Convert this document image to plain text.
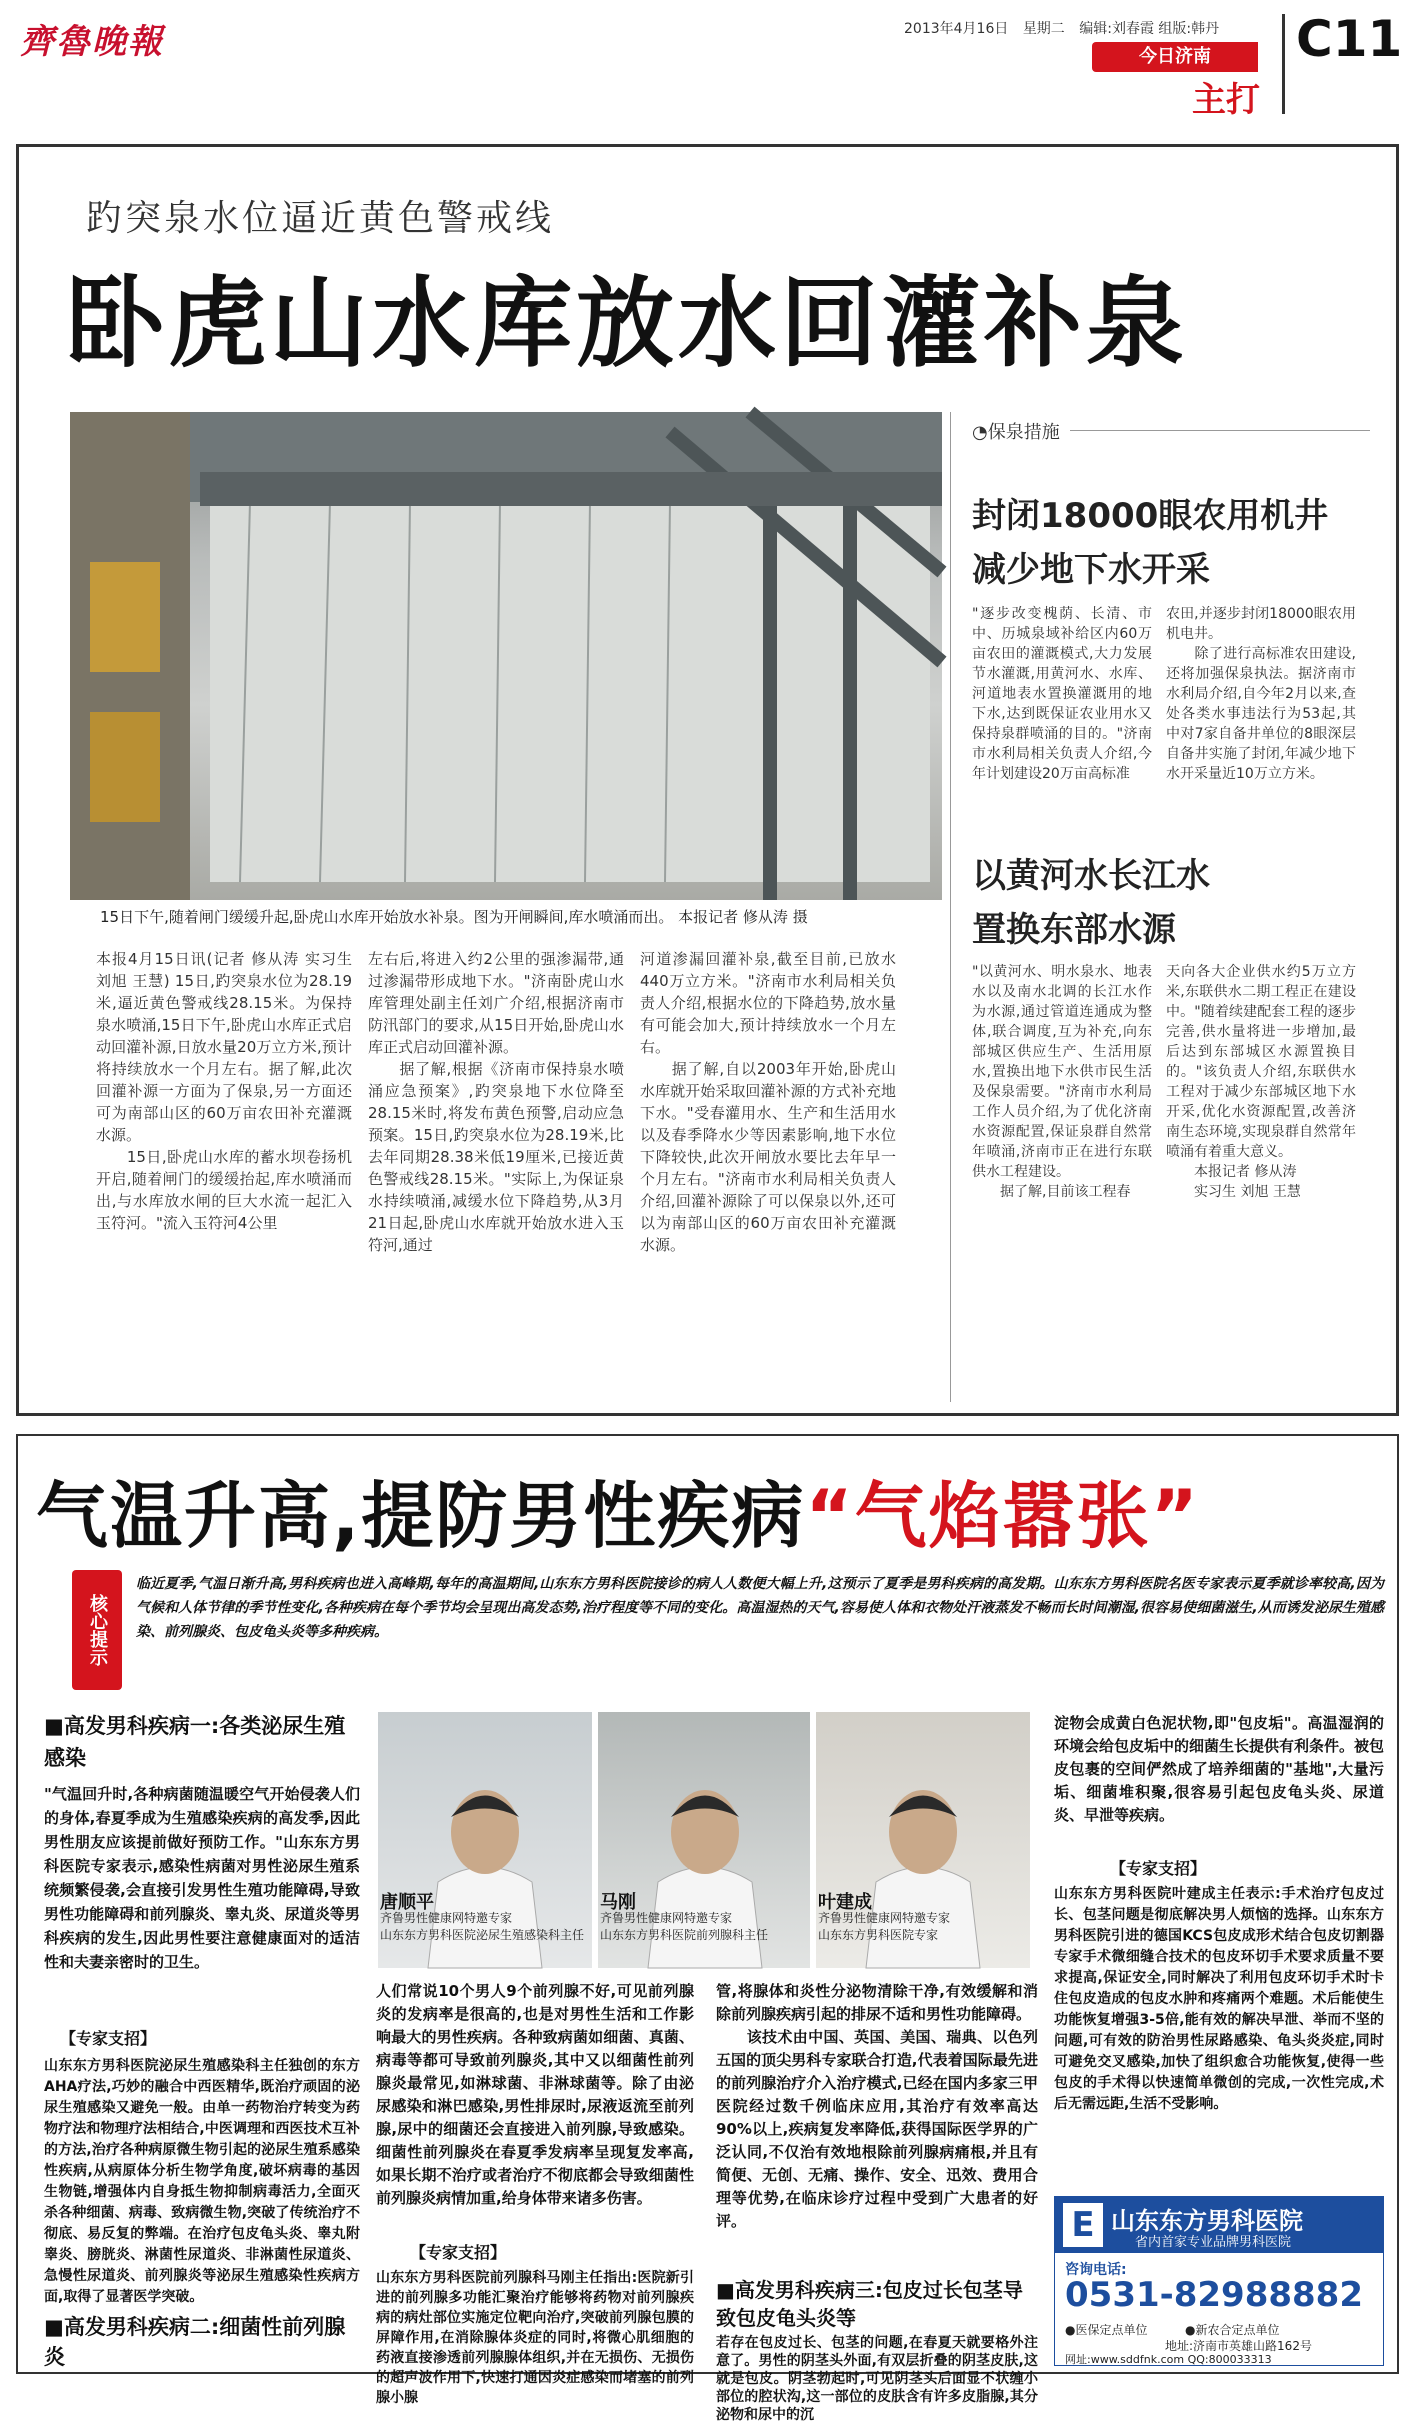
齊魯晚報	2013年4月16日 星期二 编辑:刘春霞 组版:韩丹
今日济南
主打
C11
趵突泉水位逼近黄色警戒线
卧虎山水库放水回灌补泉
15日下午,随着闸门缓缓升起,卧虎山水库开始放水补泉。图为开闸瞬间,库水喷涌而出。 本报记者 修从涛 摄
本报4月15日讯(记者 修从涛 实习生 刘旭 王慧) 15日,趵突泉水位为28.19米,逼近黄色警戒线28.15米。为保持泉水喷涌,15日下午,卧虎山水库正式启动回灌补源,日放水量20万立方米,预计将持续放水一个月左右。据了解,此次回灌补源一方面为了保泉,另一方面还可为南部山区的60万亩农田补充灌溉水源。
　　15日,卧虎山水库的蓄水坝卷扬机开启,随着闸门的缓缓抬起,库水喷涌而出,与水库放水闸的巨大水流一起汇入玉符河。"流入玉符河4公里
左右后,将进入约2公里的强渗漏带,通过渗漏带形成地下水。"济南卧虎山水库管理处副主任刘广介绍,根据济南市防汛部门的要求,从15日开始,卧虎山水库正式启动回灌补源。
　　据了解,根据《济南市保持泉水喷涌应急预案》,趵突泉地下水位降至28.15米时,将发布黄色预警,启动应急预案。15日,趵突泉水位为28.19米,比去年同期28.38米低19厘米,已接近黄色警戒线28.15米。"实际上,为保证泉水持续喷涌,减缓水位下降趋势,从3月21日起,卧虎山水库就开始放水进入玉符河,通过
河道渗漏回灌补泉,截至目前,已放水440万立方米。"济南市水利局相关负责人介绍,根据水位的下降趋势,放水量有可能会加大,预计持续放水一个月左右。
　　据了解,自以2003年开始,卧虎山水库就开始采取回灌补源的方式补充地下水。"受春灌用水、生产和生活用水以及春季降水少等因素影响,地下水位下降较快,此次开闸放水要比去年早一个月左右。"济南市水利局相关负责人介绍,回灌补源除了可以保泉以外,还可以为南部山区的60万亩农田补充灌溉水源。
◔保泉措施
封闭18000眼农用机井
减少地下水开采
"逐步改变槐荫、长清、市中、历城泉域补给区内60万亩农田的灌溉模式,大力发展节水灌溉,用黄河水、水库、河道地表水置换灌溉用的地下水,达到既保证农业用水又保持泉群喷涌的目的。"济南市水利局相关负责人介绍,今年计划建设20万亩高标准
农田,并逐步封闭18000眼农用机电井。
　　除了进行高标准农田建设,还将加强保泉执法。据济南市水利局介绍,自今年2月以来,查处各类水事违法行为53起,其中对7家自备井单位的8眼深层自备井实施了封闭,年减少地下水开采量近10万立方米。
以黄河水长江水
置换东部水源
"以黄河水、明水泉水、地表水以及南水北调的长江水作为水源,通过管道连通成为整体,联合调度,互为补充,向东部城区供应生产、生活用原水,置换出地下水供市民生活及保泉需要。"济南市水利局工作人员介绍,为了优化济南水资源配置,保证泉群自然常年喷涌,济南市正在进行东联供水工程建设。
　　据了解,目前该工程春
天向各大企业供水约5万立方米,东联供水二期工程正在建设中。"随着续建配套工程的逐步完善,供水量将进一步增加,最后达到东部城区水源置换目的。"该负责人介绍,东联供水工程对于减少东部城区地下水开采,优化水资源配置,改善济南生态环境,实现泉群自然常年喷涌有着重大意义。
　　本报记者 修从涛
　　实习生 刘旭 王慧
气温升高,提防男性疾病“气焰嚣张”
核心提示
临近夏季,气温日渐升高,男科疾病也进入高峰期,每年的高温期间,山东东方男科医院接诊的病人人数便大幅上升,这预示了夏季是男科疾病的高发期。山东东方男科医院名医专家表示夏季就诊率较高,因为气候和人体节律的季节性变化,各种疾病在每个季节均会呈现出高发态势,治疗程度等不同的变化。高温湿热的天气,容易使人体和衣物处汗液蒸发不畅而长时间潮湿,很容易使细菌滋生,从而诱发泌尿生殖感染、前列腺炎、包皮龟头炎等多种疾病。
■高发男科疾病一:各类泌尿生殖感染
"气温回升时,各种病菌随温暖空气开始侵袭人们的身体,春夏季成为生殖感染疾病的高发季,因此男性朋友应该提前做好预防工作。"山东东方男科医院专家表示,感染性病菌对男性泌尿生殖系统频繁侵袭,会直接引发男性生殖功能障碍,导致男性功能障碍和前列腺炎、睾丸炎、尿道炎等男科疾病的发生,因此男性要注意健康面对的适洁性和夫妻亲密时的卫生。
【专家支招】
山东东方男科医院泌尿生殖感染科主任独创的东方AHA疗法,巧妙的融合中西医精华,既治疗顽固的泌尿生殖感染又避免一般。由单一药物治疗转变为药物疗法和物理疗法相结合,中医调理和西医技术互补的方法,治疗各种病原微生物引起的泌尿生殖系感染性疾病,从病原体分析生物学角度,破坏病毒的基因生物链,增强体内自身抵生物抑制病毒活力,全面灭杀各种细菌、病毒、致病微生物,突破了传统治疗不彻底、易反复的弊端。在治疗包皮龟头炎、睾丸附睾炎、膀胱炎、淋菌性尿道炎、非淋菌性尿道炎、急慢性尿道炎、前列腺炎等泌尿生殖感染性疾病方面,取得了显著医学突破。
■高发男科疾病二:细菌性前列腺炎
唐顺平
齐鲁男性健康网特邀专家
山东东方男科医院泌尿生殖感染科主任
马刚
齐鲁男性健康网特邀专家
山东东方男科医院前列腺科主任
叶建成
齐鲁男性健康网特邀专家
山东东方男科医院专家
人们常说10个男人9个前列腺不好,可见前列腺炎的发病率是很高的,也是对男性生活和工作影响最大的男性疾病。各种致病菌如细菌、真菌、病毒等都可导致前列腺炎,其中又以细菌性前列腺炎最常见,如淋球菌、非淋球菌等。除了由泌尿感染和淋巴感染,男性排尿时,尿液返流至前列腺,尿中的细菌还会直接进入前列腺,导致感染。细菌性前列腺炎在春夏季发病率呈现复发率高,如果长期不治疗或者治疗不彻底都会导致细菌性前列腺炎病情加重,给身体带来诸多伤害。
【专家支招】
山东东方男科医院前列腺科马刚主任指出:医院新引进的前列腺多功能汇聚治疗能够将药物对前列腺疾病的病灶部位实施定位靶向治疗,突破前列腺包膜的屏障作用,在消除腺体炎症的同时,将微心肌细胞的药液直接渗透前列腺腺体组织,并在无损伤、无损伤的超声波作用下,快速打通因炎症感染而堵塞的前列腺小腺
管,将腺体和炎性分泌物清除干净,有效缓解和消除前列腺疾病引起的排尿不适和男性功能障碍。
　　该技术由中国、英国、美国、瑞典、以色列五国的顶尖男科专家联合打造,代表着国际最先进的前列腺治疗介入治疗模式,已经在国内多家三甲医院经过数千例临床应用,其治疗有效率高达90%以上,疾病复发率降低,获得国际医学界的广泛认同,不仅治有效地根除前列腺病痛根,并且有简便、无创、无痛、操作、安全、迅效、费用合理等优势,在临床诊疗过程中受到广大患者的好评。
■高发男科疾病三:包皮过长包茎导致包皮龟头炎等
若存在包皮过长、包茎的问题,在春夏天就要格外注意了。男性的阴茎头外面,有双层折叠的阴茎皮肤,这就是包皮。阴茎勃起时,可见阴茎头后面显不状缠小部位的腔状沟,这一部位的皮肤含有许多皮脂腺,其分泌物和尿中的沉
淀物会成黄白色泥状物,即"包皮垢"。高温湿润的环境会给包皮垢中的细菌生长提供有利条件。被包皮包裹的空间俨然成了培养细菌的"基地",大量污垢、细菌堆积聚,很容易引起包皮龟头炎、尿道炎、早泄等疾病。
【专家支招】
山东东方男科医院叶建成主任表示:手术治疗包皮过长、包茎问题是彻底解决男人烦恼的选择。山东东方男科医院引进的德国KCS包皮成形术结合包皮切割器专家手术微细缝合技术的包皮环切手术要求质量不要求提高,保证安全,同时解决了利用包皮环切手术时卡住包皮造成的包皮水肿和疼痛两个难题。术后能使生功能恢复增强3-5倍,能有效的解决早泄、举而不坚的问题,可有效的防治男性尿路感染、龟头炎炎症,同时可避免交叉感染,加快了组织愈合功能恢复,使得一些包皮的手术得以快速简单微创的完成,一次性完成,术后无需远距,生活不受影响。
E 山东东方男科医院
省内首家专业品牌男科医院
咨询电话:
0531-82988882
●医保定点单位	●新农合定点单位
地址:济南市英雄山路162号
网址:www.sddfnk.com QQ:800033313
